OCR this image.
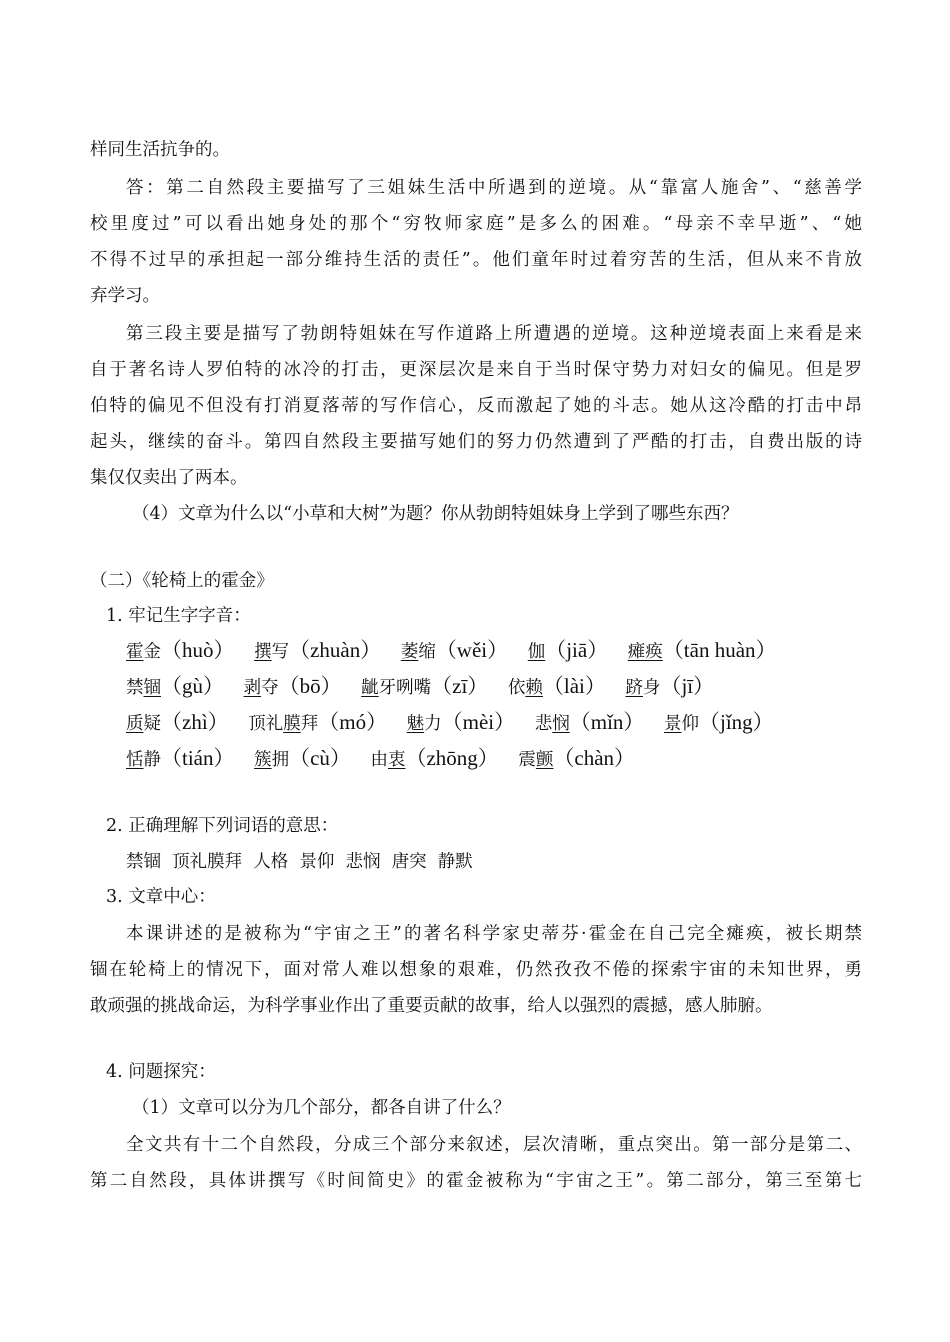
样同生活抗争的。
答：第二自然段主要描写了三姐妹生活中所遇到的逆境。从“靠富人施舍”、“慈善学
校里度过”可以看出她身处的那个“穷牧师家庭”是多么的困难。“母亲不幸早逝”、“她
不得不过早的承担起一部分维持生活的责任”。他们童年时过着穷苦的生活，但从来不肯放
弃学习。
第三段主要是描写了勃朗特姐妹在写作道路上所遭遇的逆境。这种逆境表面上来看是来
自于著名诗人罗伯特的冰冷的打击，更深层次是来自于当时保守势力对妇女的偏见。但是罗
伯特的偏见不但没有打消夏落蒂的写作信心，反而激起了她的斗志。她从这冷酷的打击中昂
起头，继续的奋斗。第四自然段主要描写她们的努力仍然遭到了严酷的打击，自费出版的诗
集仅仅卖出了两本。
（4）文章为什么以“小草和大树”为题？你从勃朗特姐妹身上学到了哪些东西？
（二）《轮椅上的霍金》
1. 牢记生字字音：
霍金（huò） 撰写（zhuàn） 萎缩（wěi） 伽（jiā） 瘫痪（tān huàn）
禁锢（gù） 剥夺（bō） 龇牙咧嘴（zī） 依赖（lài） 跻身（jī）
质疑（zhì） 顶礼膜拜（mó） 魅力（mèi） 悲悯（mǐn） 景仰（jǐng）
恬静（tián） 簇拥（cù） 由衷（zhōng） 震颤（chàn）
2. 正确理解下列词语的意思：
禁锢  顶礼膜拜  人格  景仰  悲悯  唐突  静默
3. 文章中心：
本课讲述的是被称为“宇宙之王”的著名科学家史蒂芬·霍金在自己完全瘫痪，被长期禁
锢在轮椅上的情况下，面对常人难以想象的艰难，仍然孜孜不倦的探索宇宙的未知世界，勇
敢顽强的挑战命运，为科学事业作出了重要贡献的故事，给人以强烈的震撼，感人肺腑。
4. 问题探究：
（1）文章可以分为几个部分，都各自讲了什么？
全文共有十二个自然段，分成三个部分来叙述，层次清晰，重点突出。第一部分是第二、
第二自然段，具体讲撰写《时间简史》的霍金被称为“宇宙之王”。第二部分，第三至第七
